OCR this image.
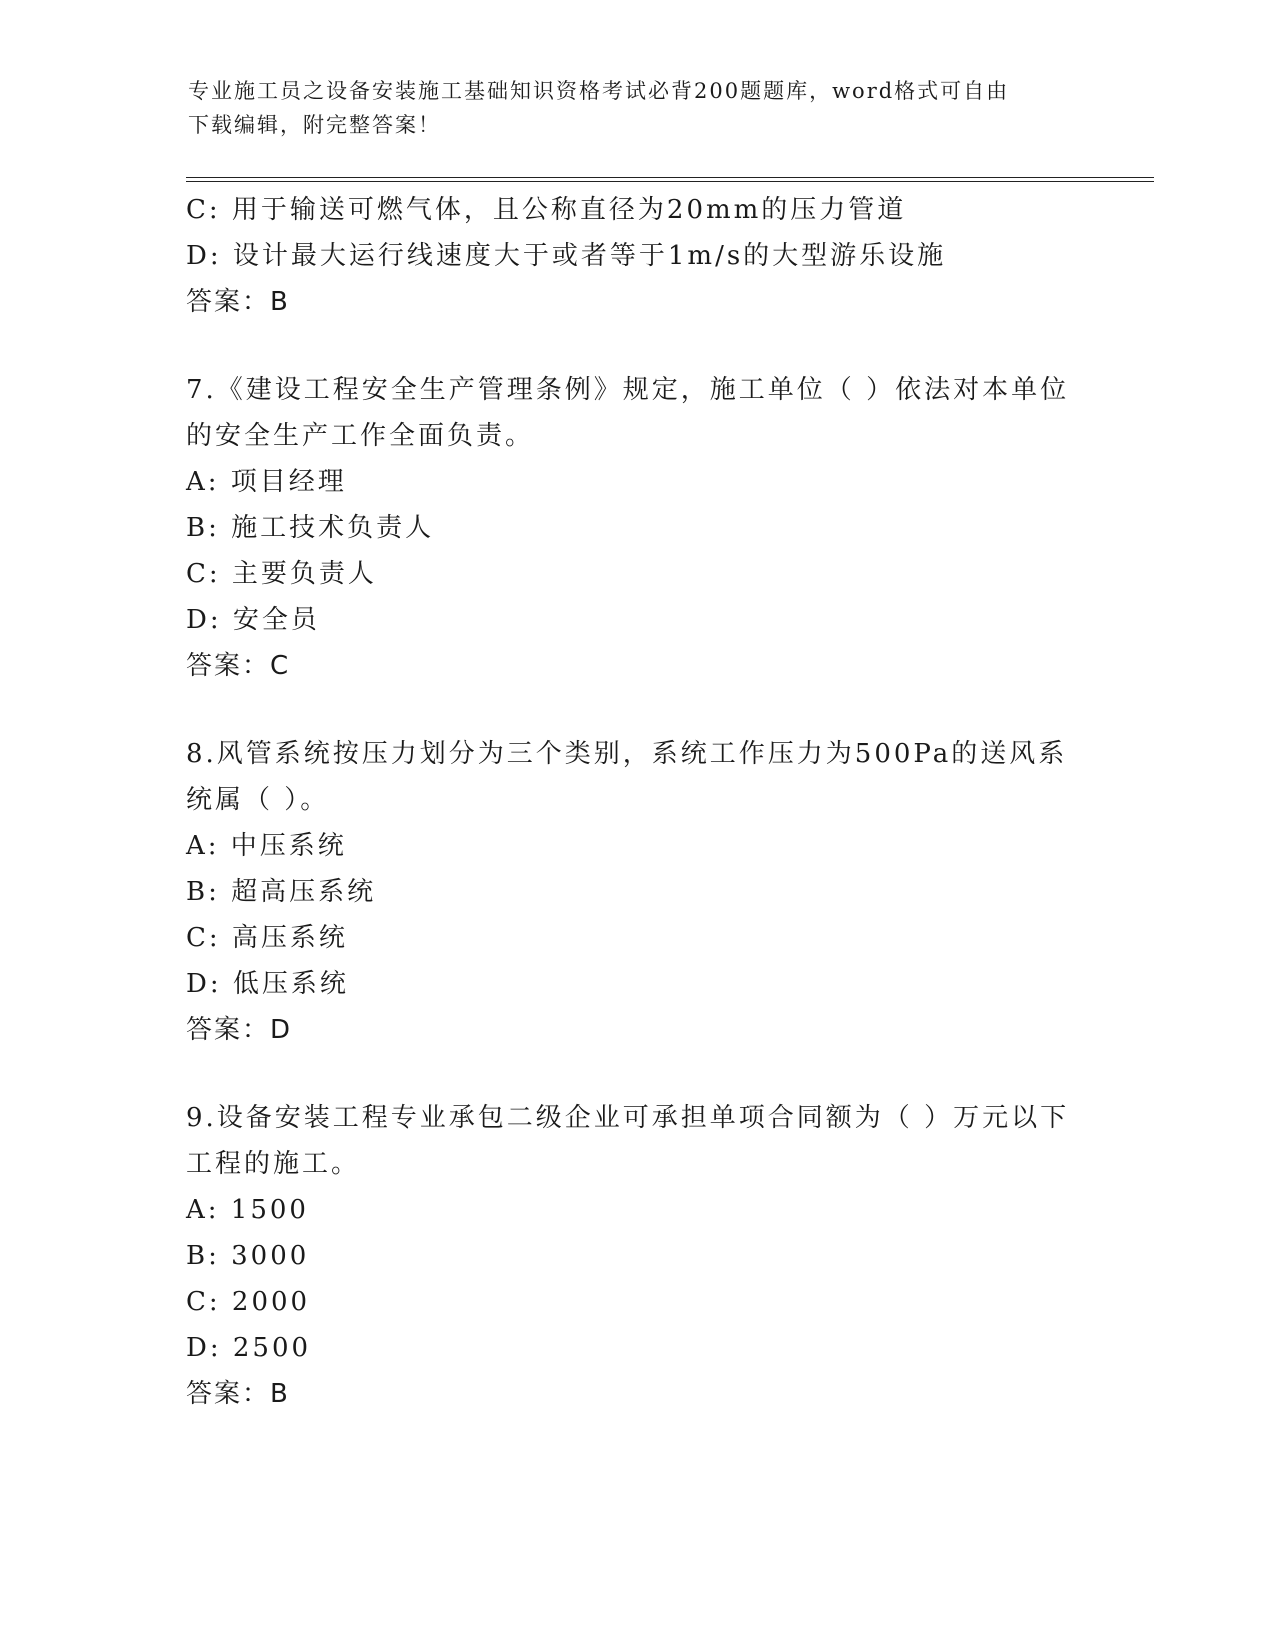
专业施工员之设备安装施工基础知识资格考试必背200题题库，word格式可自由
下载编辑，附完整答案！
C: 用于输送可燃气体，且公称直径为20mm的压力管道
D: 设计最大运行线速度大于或者等于1m/s的大型游乐设施
答案：B
7.《建设工程安全生产管理条例》规定，施工单位（ ）依法对本单位
的安全生产工作全面负责。
A: 项目经理
B: 施工技术负责人
C: 主要负责人
D: 安全员
答案：C
8.风管系统按压力划分为三个类别，系统工作压力为500Pa的送风系
统属（ ）。
A: 中压系统
B: 超高压系统
C: 高压系统
D: 低压系统
答案：D
9.设备安装工程专业承包二级企业可承担单项合同额为（ ）万元以下
工程的施工。
A: 1500
B: 3000
C: 2000
D: 2500
答案：B
